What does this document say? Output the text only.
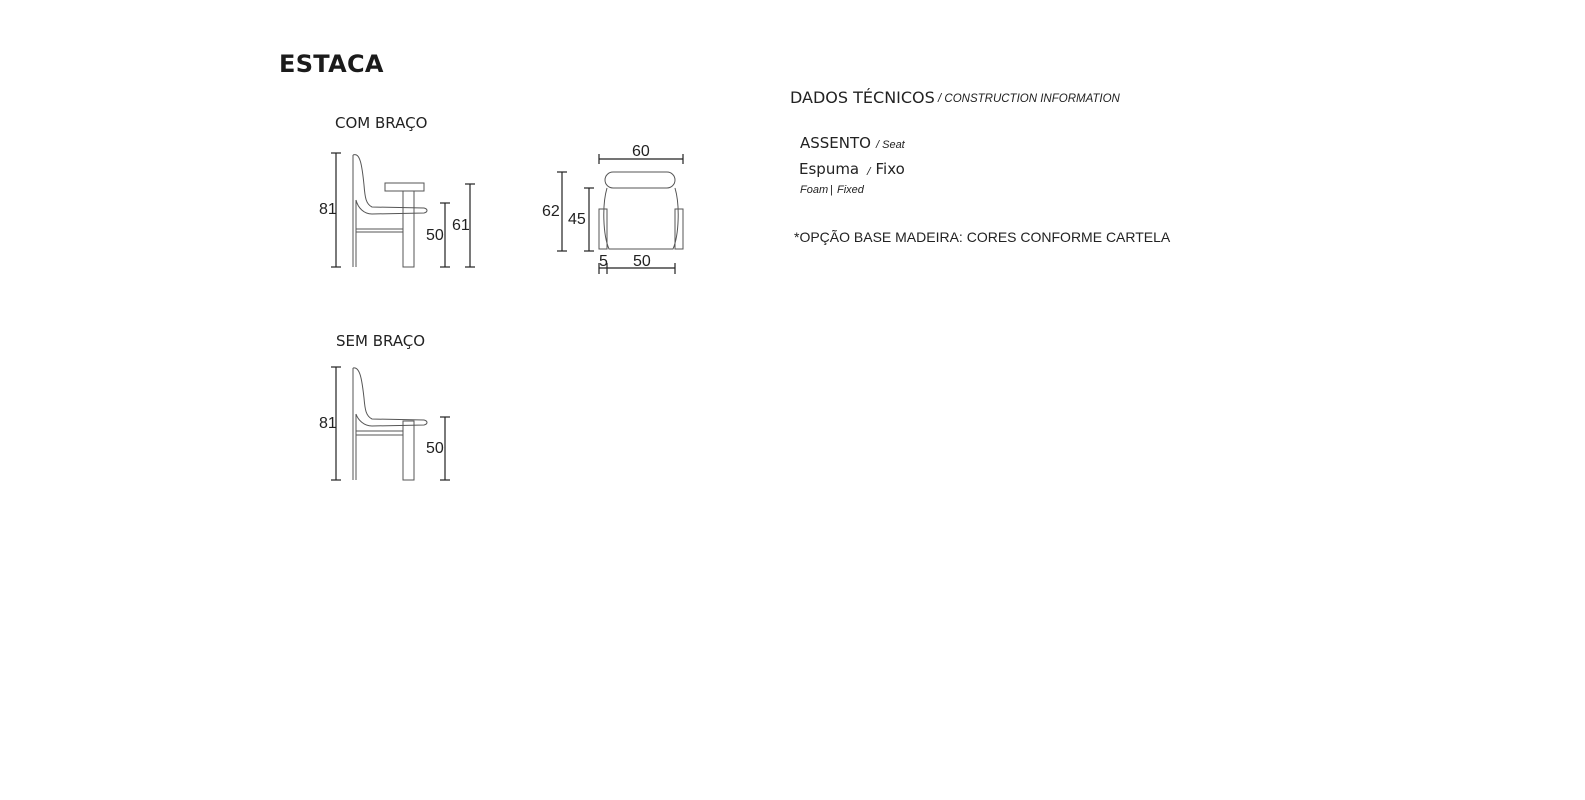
ESTACA
COM BRAÇO
SEM BRAÇO
81
50
61
60
62 45
5 50
81
50
DADOS TÉCNICOS / CONSTRUCTION INFORMATION
ASSENTO / Seat
Espuma / Fixo
Foam | Fixed
*OPÇÃO BASE MADEIRA: CORES CONFORME CARTELA
